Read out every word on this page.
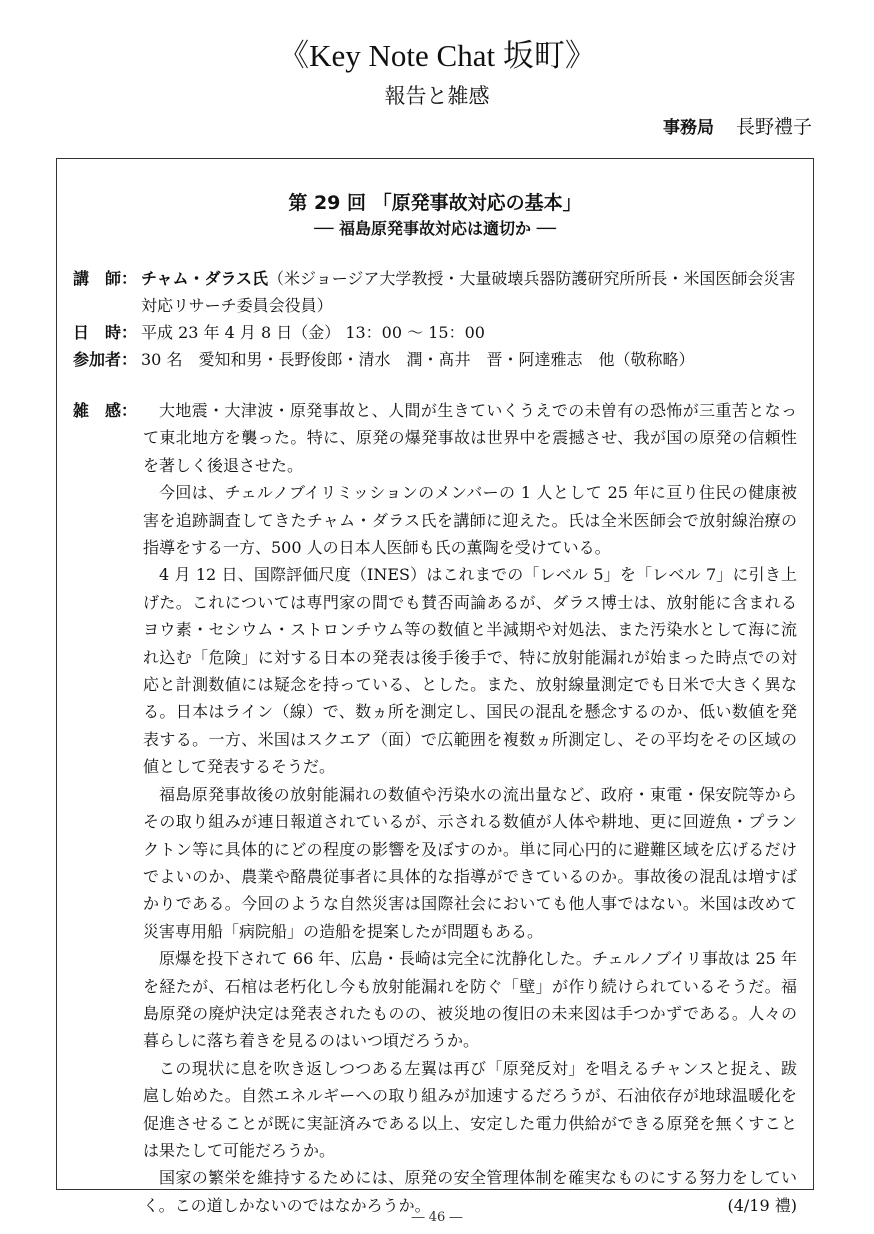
《Key Note Chat 坂町》
報告と雑感
事務局 長野禮子
第 29 回 「原発事故対応の基本」
── 福島原発事故対応は適切か ──
講　師： チャム・ダラス氏（米ジョージア大学教授・大量破壊兵器防護研究所所長・米国医師会災害対応リサーチ委員会役員）
日　時： 平成 23 年 4 月 8 日（金） 13：00 ～ 15：00
参加者： 30 名　愛知和男・長野俊郎・清水　潤・髙井　晋・阿達雅志　他（敬称略）
雑　感：	大地震・大津波・原発事故と、人間が生きていくうえでの未曽有の恐怖が三重苦となって東北地方を襲った。特に、原発の爆発事故は世界中を震撼させ、我が国の原発の信頼性を著しく後退させた。

今回は、チェルノブイリミッションのメンバーの 1 人として 25 年に亘り住民の健康被害を追跡調査してきたチャム・ダラス氏を講師に迎えた。氏は全米医師会で放射線治療の指導をする一方、500 人の日本人医師も氏の薫陶を受けている。

4 月 12 日、国際評価尺度（INES）はこれまでの「レベル 5」を「レベル 7」に引き上げた。これについては専門家の間でも賛否両論あるが、ダラス博士は、放射能に含まれるヨウ素・セシウム・ストロンチウム等の数値と半減期や対処法、また汚染水として海に流れ込む「危険」に対する日本の発表は後手後手で、特に放射能漏れが始まった時点での対応と計測数値には疑念を持っている、とした。また、放射線量測定でも日米で大きく異なる。日本はライン（線）で、数ヵ所を測定し、国民の混乱を懸念するのか、低い数値を発表する。一方、米国はスクエア（面）で広範囲を複数ヵ所測定し、その平均をその区域の値として発表するそうだ。

福島原発事故後の放射能漏れの数値や汚染水の流出量など、政府・東電・保安院等からその取り組みが連日報道されているが、示される数値が人体や耕地、更に回遊魚・プランクトン等に具体的にどの程度の影響を及ぼすのか。単に同心円的に避難区域を広げるだけでよいのか、農業や酪農従事者に具体的な指導ができているのか。事故後の混乱は増すばかりである。今回のような自然災害は国際社会においても他人事ではない。米国は改めて災害専用船「病院船」の造船を提案したが問題もある。

原爆を投下されて 66 年、広島・長崎は完全に沈静化した。チェルノブイリ事故は 25 年を経たが、石棺は老朽化し今も放射能漏れを防ぐ「壁」が作り続けられているそうだ。福島原発の廃炉決定は発表されたものの、被災地の復旧の未来図は手つかずである。人々の暮らしに落ち着きを見るのはいつ頃だろうか。

この現状に息を吹き返しつつある左翼は再び「原発反対」を唱えるチャンスと捉え、跋扈し始めた。自然エネルギーへの取り組みが加速するだろうが、石油依存が地球温暖化を促進させることが既に実証済みである以上、安定した電力供給ができる原発を無くすことは果たして可能だろうか。

国家の繁栄を維持するためには、原発の安全管理体制を確実なものにする努力をしていく。この道しかないのではなかろうか。	(4/19 禮)

― 46 ―
